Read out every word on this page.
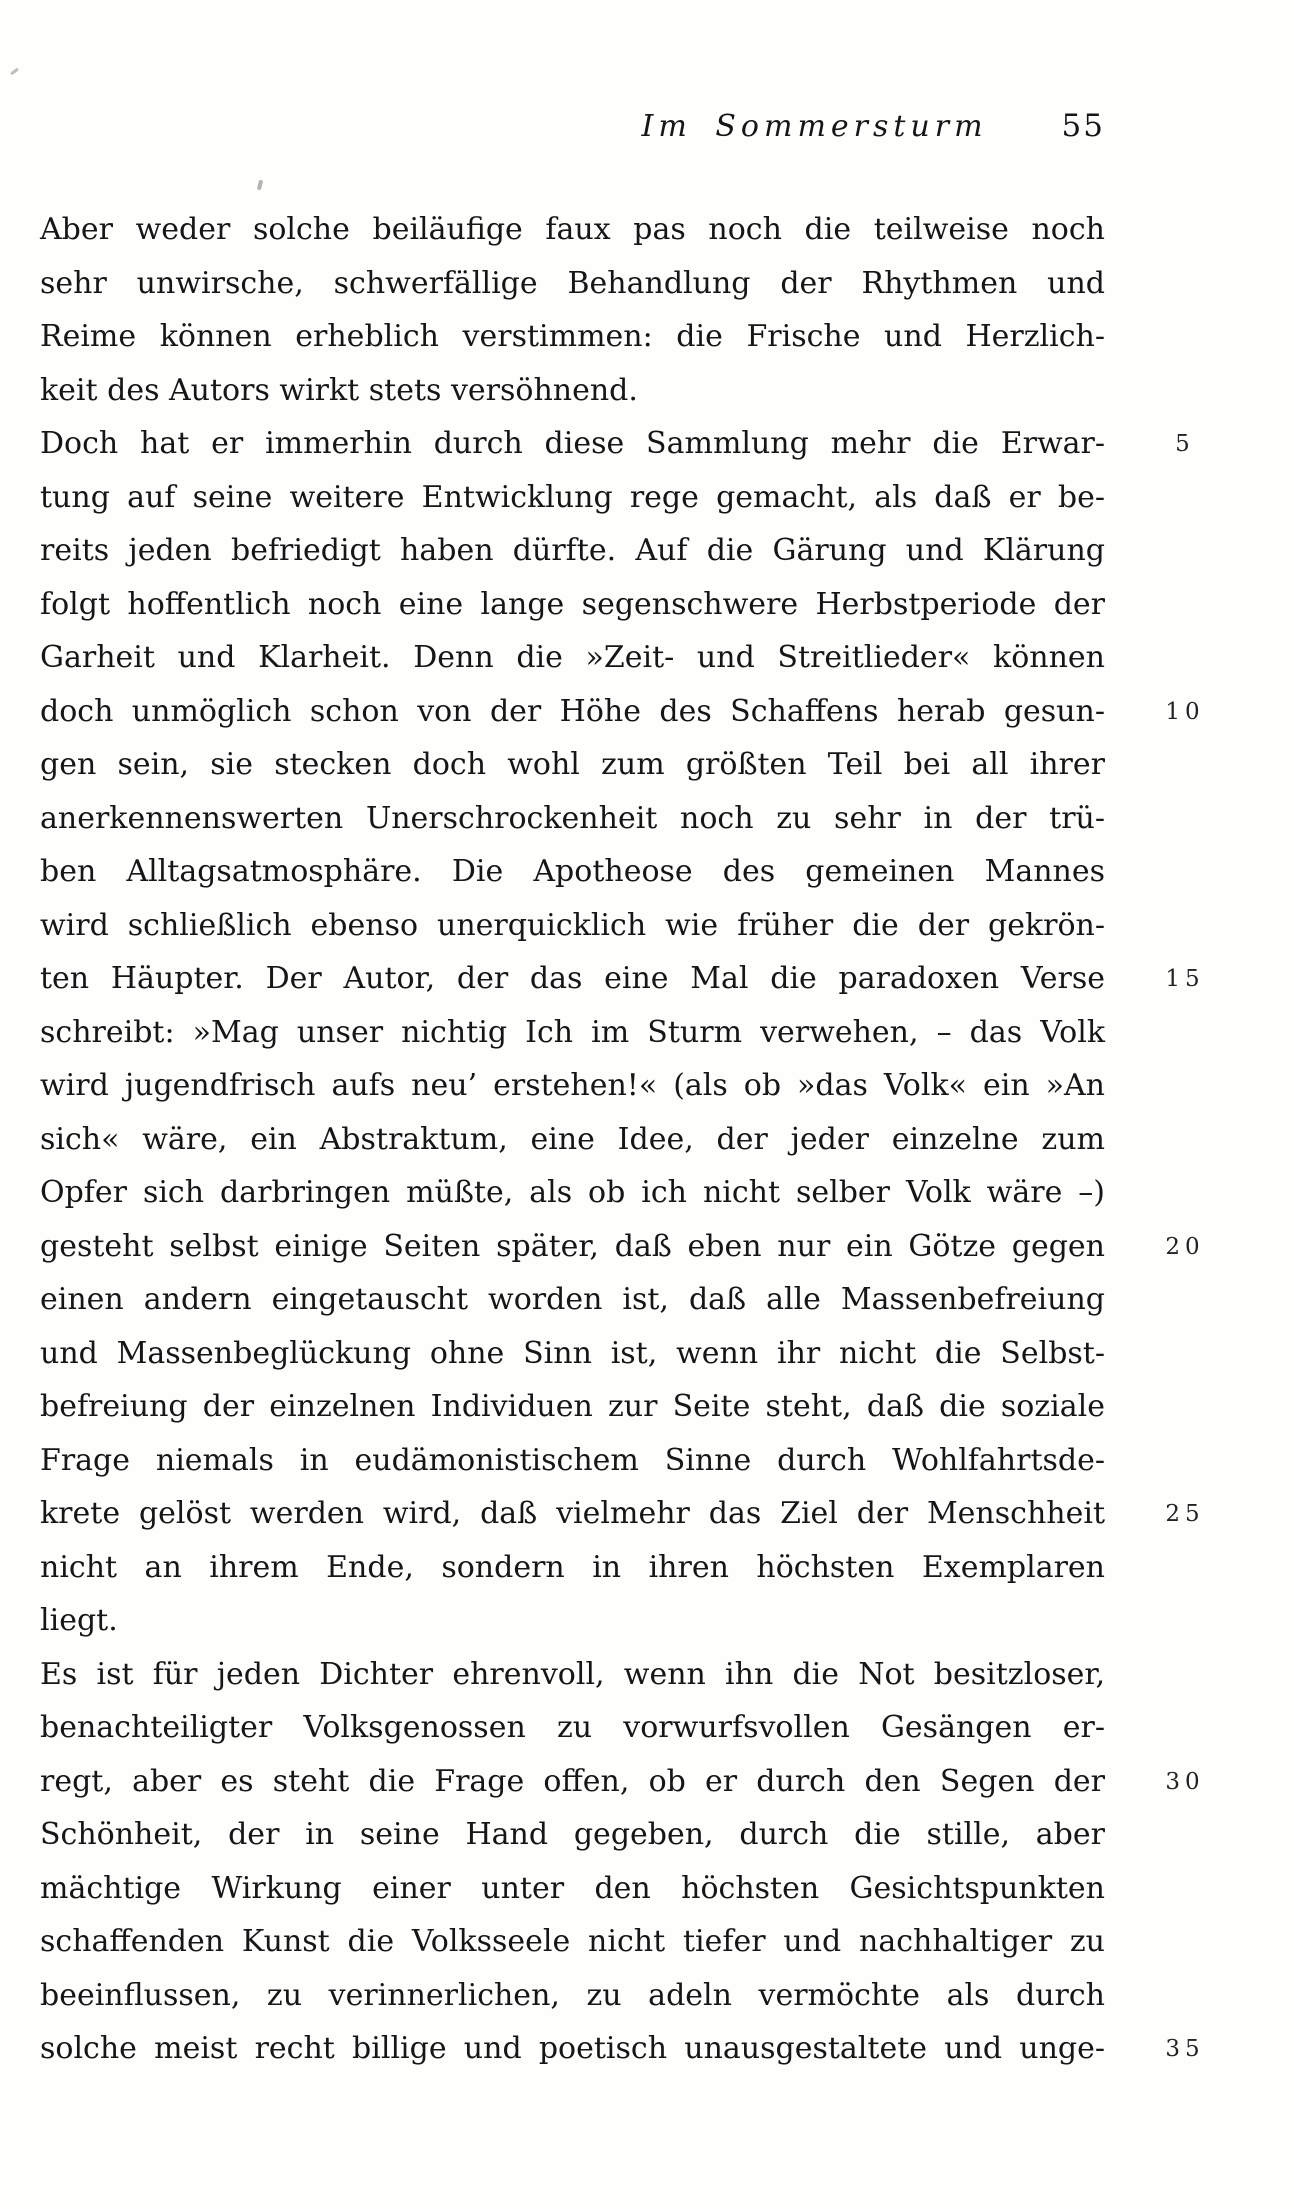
Im Sommersturm 55
Aber weder solche beiläufige faux pas noch die teilweise noch
sehr unwirsche, schwerfällige Behandlung der Rhythmen und
Reime können erheblich verstimmen: die Frische und Herzlich-
keit des Autors wirkt stets versöhnend.
Doch hat er immerhin durch diese Sammlung mehr die Erwar-	5
tung auf seine weitere Entwicklung rege gemacht, als daß er be-
reits jeden befriedigt haben dürfte. Auf die Gärung und Klärung
folgt hoffentlich noch eine lange segenschwere Herbstperiode der
Garheit und Klarheit. Denn die »Zeit- und Streitlieder« können
doch unmöglich schon von der Höhe des Schaffens herab gesun-	10
gen sein, sie stecken doch wohl zum größten Teil bei all ihrer
anerkennenswerten Unerschrockenheit noch zu sehr in der trü-
ben Alltagsatmosphäre. Die Apotheose des gemeinen Mannes
wird schließlich ebenso unerquicklich wie früher die der gekrön-
ten Häupter. Der Autor, der das eine Mal die paradoxen Verse	15
schreibt: »Mag unser nichtig Ich im Sturm verwehen, – das Volk
wird jugendfrisch aufs neu’ erstehen!« (als ob »das Volk« ein »An
sich« wäre, ein Abstraktum, eine Idee, der jeder einzelne zum
Opfer sich darbringen müßte, als ob ich nicht selber Volk wäre –)
gesteht selbst einige Seiten später, daß eben nur ein Götze gegen	20
einen andern eingetauscht worden ist, daß alle Massenbefreiung
und Massenbeglückung ohne Sinn ist, wenn ihr nicht die Selbst-
befreiung der einzelnen Individuen zur Seite steht, daß die soziale
Frage niemals in eudämonistischem Sinne durch Wohlfahrtsde-
krete gelöst werden wird, daß vielmehr das Ziel der Menschheit	25
nicht an ihrem Ende, sondern in ihren höchsten Exemplaren
liegt.
Es ist für jeden Dichter ehrenvoll, wenn ihn die Not besitzloser,
benachteiligter Volksgenossen zu vorwurfsvollen Gesängen er-
regt, aber es steht die Frage offen, ob er durch den Segen der	30
Schönheit, der in seine Hand gegeben, durch die stille, aber
mächtige Wirkung einer unter den höchsten Gesichtspunkten
schaffenden Kunst die Volksseele nicht tiefer und nachhaltiger zu
beeinflussen, zu verinnerlichen, zu adeln vermöchte als durch
solche meist recht billige und poetisch unausgestaltete und unge-	35
